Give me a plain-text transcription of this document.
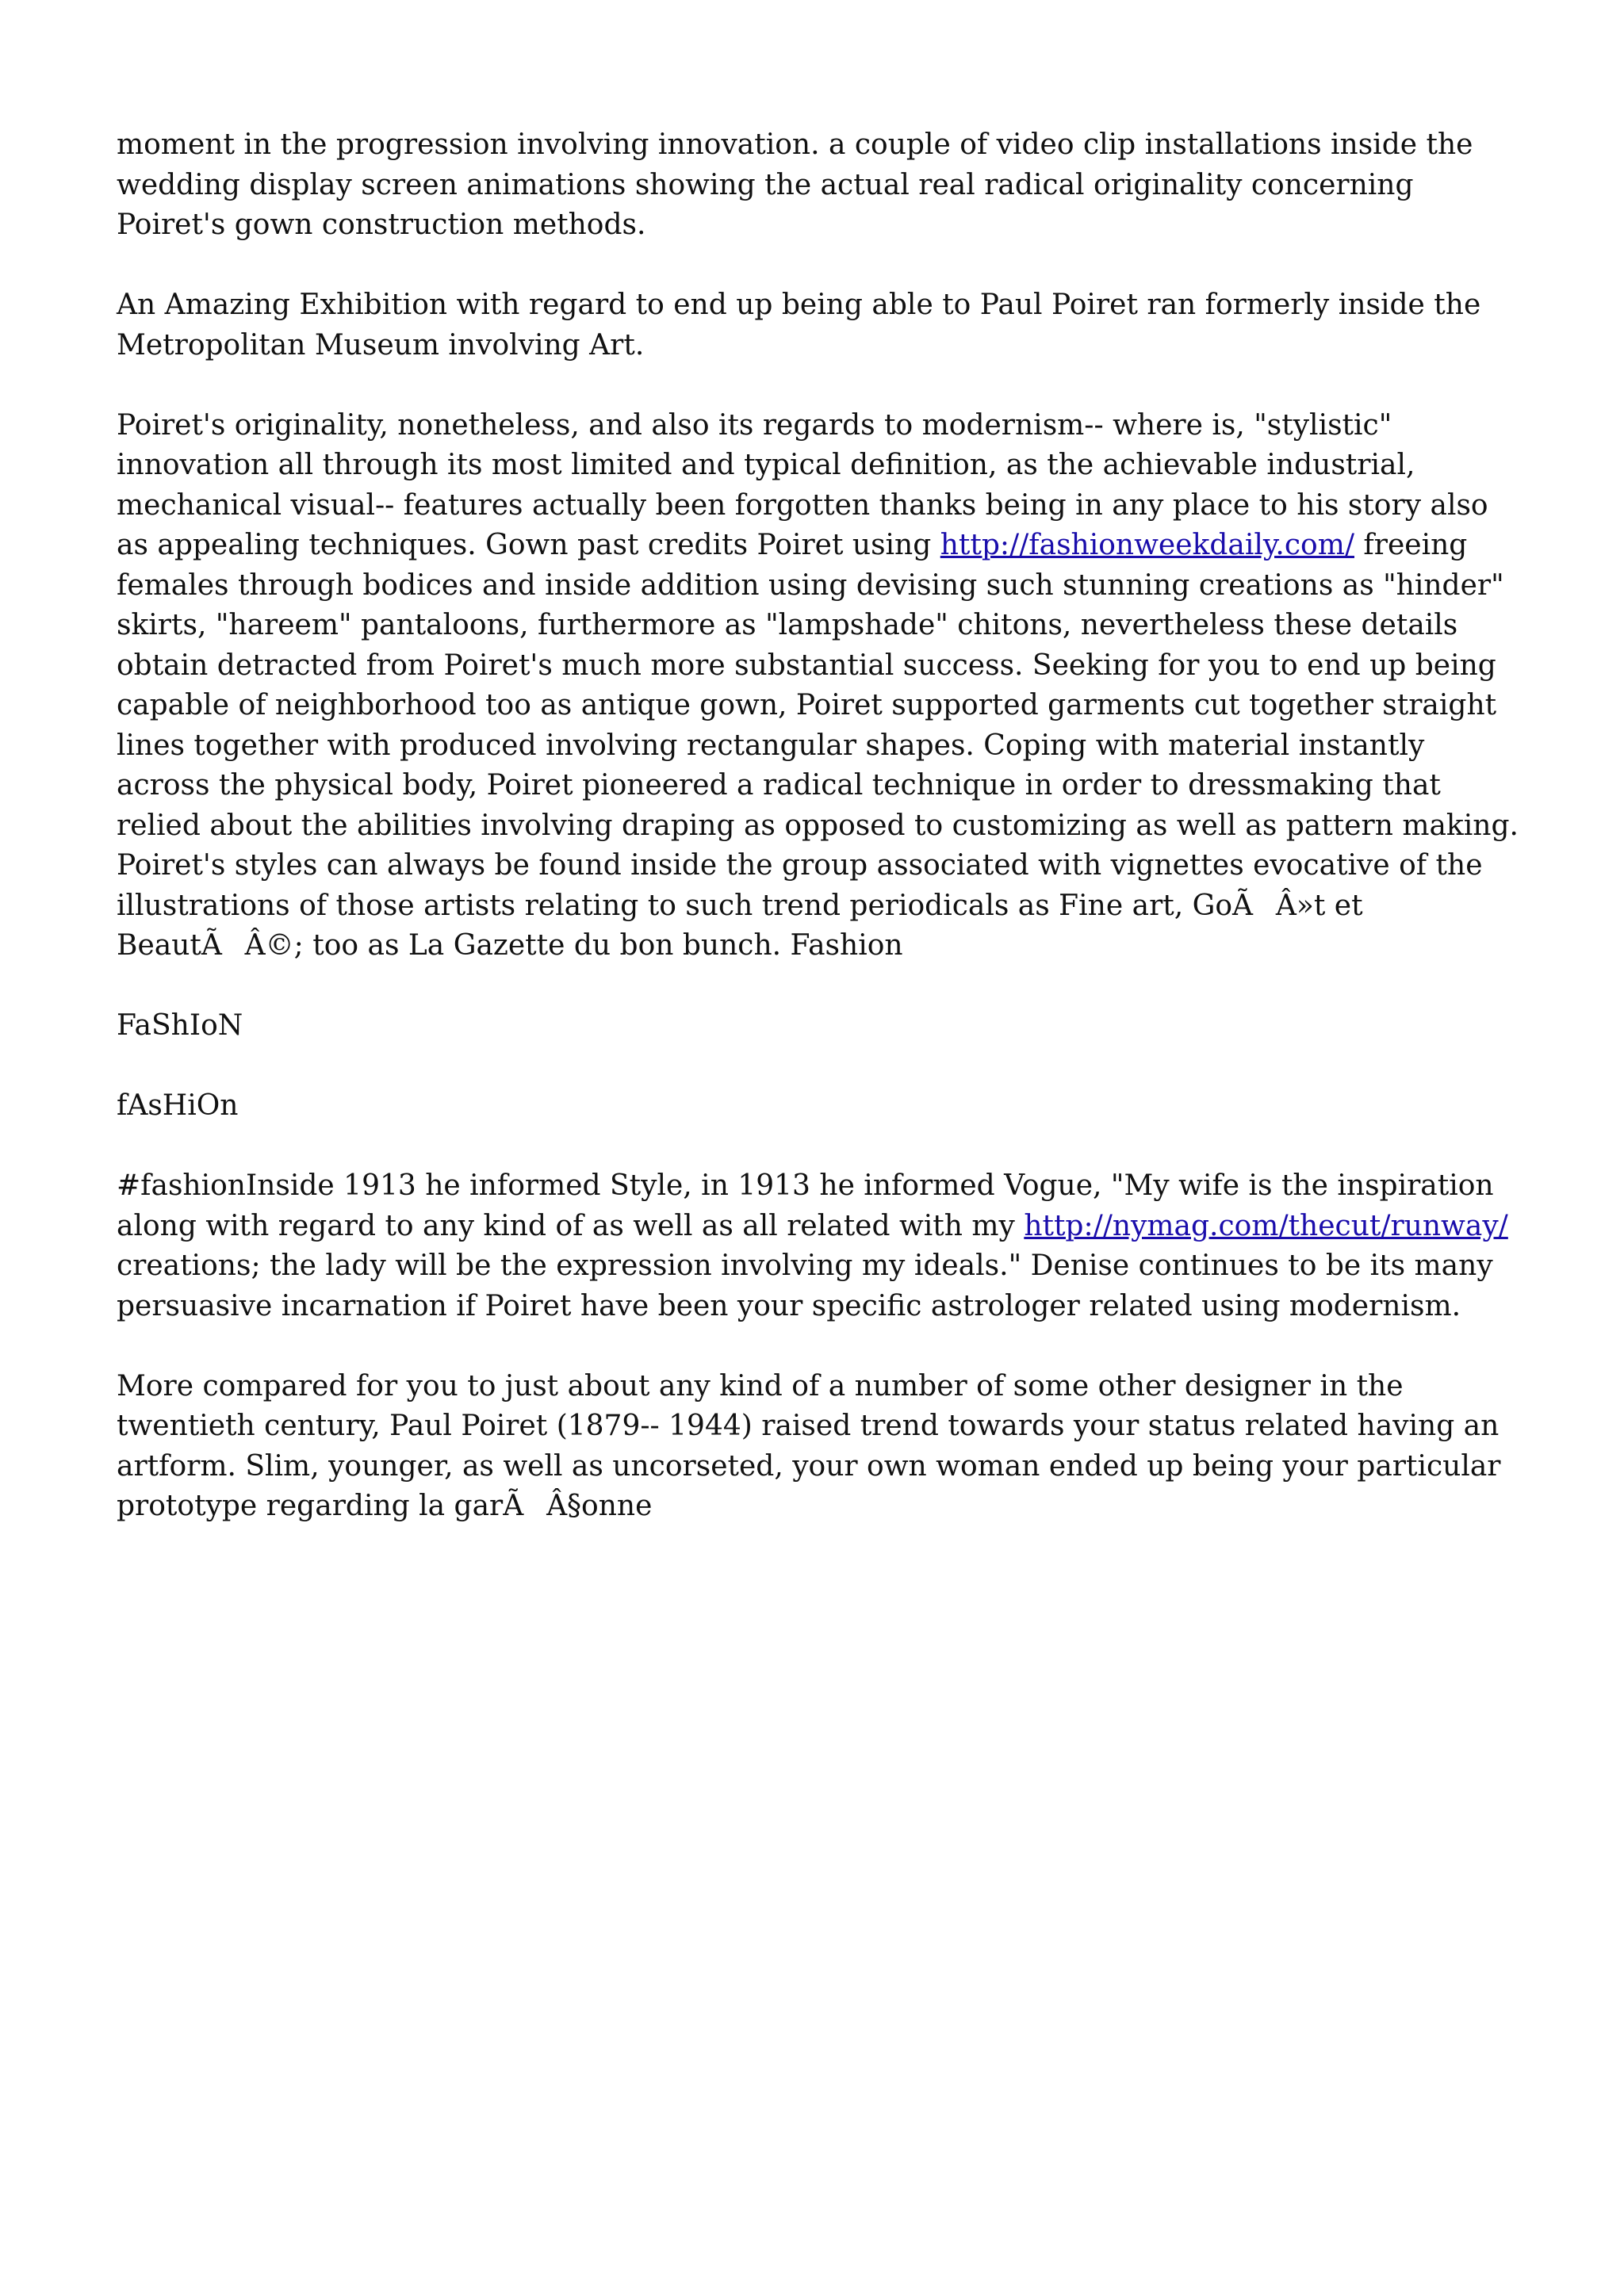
moment in the progression involving innovation. a couple of video clip installations inside the wedding display screen animations showing the actual real radical originality concerning Poiret's gown construction methods.

An Amazing Exhibition with regard to end up being able to Paul Poiret ran formerly inside the Metropolitan Museum involving Art.

Poiret's originality, nonetheless, and also its regards to modernism-- where is, "stylistic" innovation all through its most limited and typical definition, as the achievable industrial, mechanical visual-- features actually been forgotten thanks being in any place to his story also as appealing techniques. Gown past credits Poiret using http://fashionweekdaily.com/ freeing females through bodices and inside addition using devising such stunning creations as "hinder" skirts, "hareem" pantaloons, furthermore as "lampshade" chitons, nevertheless these details obtain detracted from Poiret's much more substantial success. Seeking for you to end up being capable of neighborhood too as antique gown, Poiret supported garments cut together straight lines together with produced involving rectangular shapes. Coping with material instantly across the physical body, Poiret pioneered a radical technique in order to dressmaking that relied about the abilities involving draping as opposed to customizing as well as pattern making. Poiret's styles can always be found inside the group associated with vignettes evocative of the illustrations of those artists relating to such trend periodicals as Fine art, GoÃÂ»t et BeautÃÂ©; too as La Gazette du bon bunch. Fashion

FaShIoN

fAsHiOn

#fashionInside 1913 he informed Style, in 1913 he informed Vogue, "My wife is the inspiration along with regard to any kind of as well as all related with my http://nymag.com/thecut/runway/ creations; the lady will be the expression involving my ideals." Denise continues to be its many persuasive incarnation if Poiret have been your specific astrologer related using modernism.

More compared for you to just about any kind of a number of some other designer in the twentieth century, Paul Poiret (1879-- 1944) raised trend towards your status related having an artform. Slim, younger, as well as uncorseted, your own woman ended up being your particular prototype regarding la garÃÂ§onne
